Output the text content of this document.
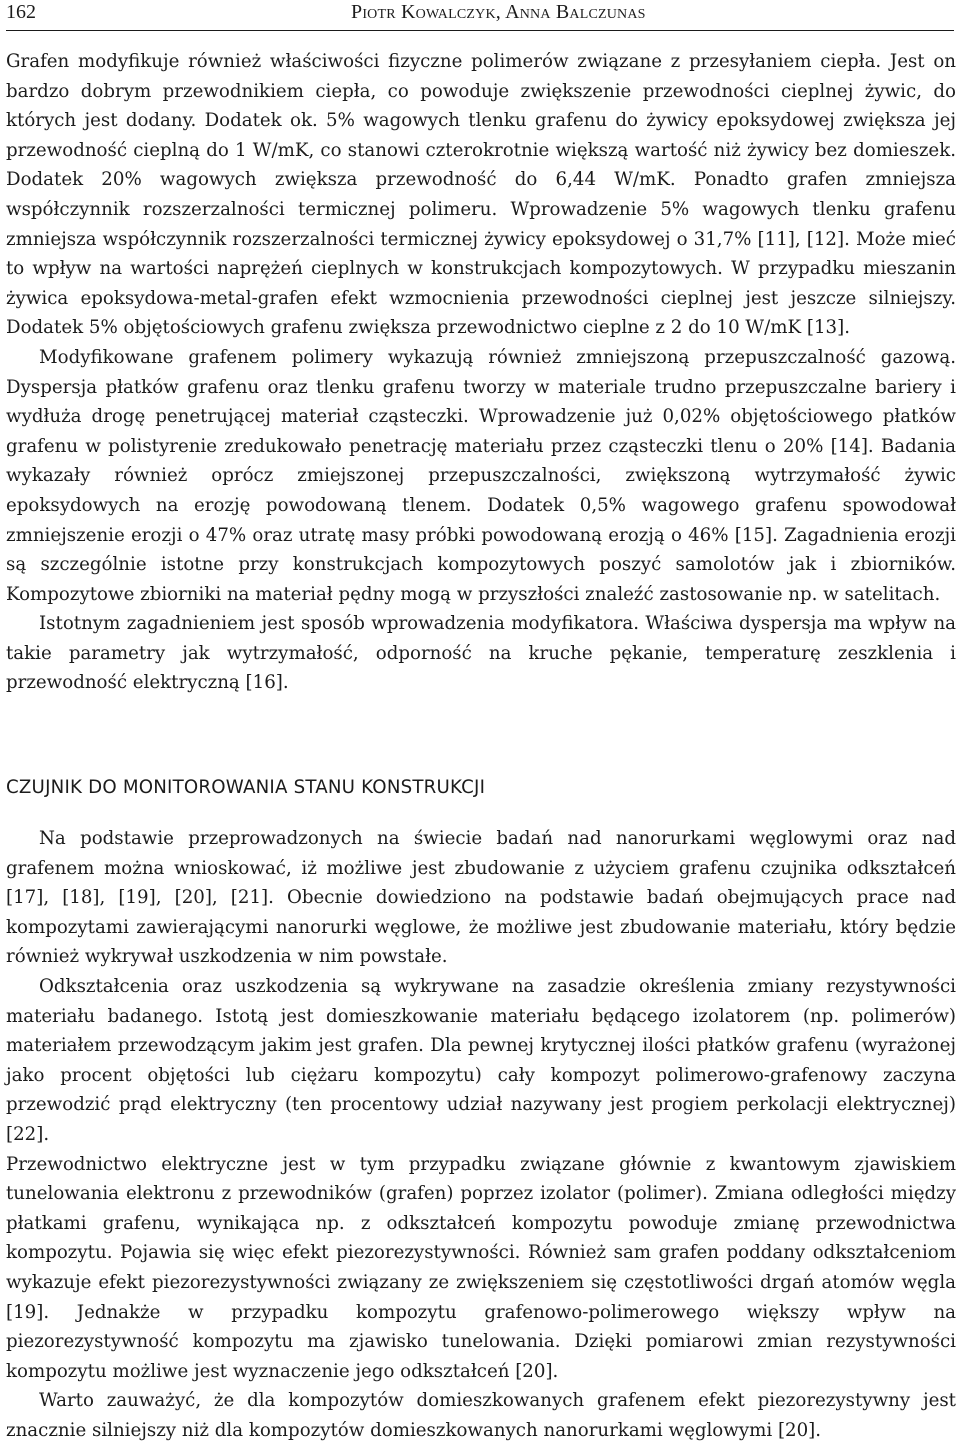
162	Piotr Kowalczyk, Anna Balczunas

Grafen modyfikuje również właściwości fizyczne polimerów związane z przesyłaniem ciepła. Jest on bardzo dobrym przewodnikiem ciepła, co powoduje zwiększenie przewodności cieplnej żywic, do których jest dodany. Dodatek ok. 5% wagowych tlenku grafenu do żywicy epoksydowej zwiększa jej przewodność cieplną do 1 W/mK, co stanowi czterokrotnie większą wartość niż żywicy bez domieszek. Dodatek 20% wagowych zwiększa przewodność do 6,44 W/mK. Ponadto grafen zmniejsza współczynnik rozszerzalności termicznej polimeru. Wprowadzenie 5% wagowych tlenku grafenu zmniejsza współczynnik rozszerzalności termicznej żywicy epoksydowej o 31,7% [11], [12]. Może mieć to wpływ na wartości naprężeń cieplnych w konstrukcjach kompozytowych. W przypadku mieszanin żywica epoksydowa-metal-grafen efekt wzmocnienia przewodności cieplnej jest jeszcze silniejszy. Dodatek 5% objętościowych grafenu zwiększa przewodnictwo cieplne z 2 do 10 W/mK [13].

Modyfikowane grafenem polimery wykazują również zmniejszoną przepuszczalność gazową. Dyspersja płatków grafenu oraz tlenku grafenu tworzy w materiale trudno przepuszczalne bariery i wydłuża drogę penetrującej materiał cząsteczki. Wprowadzenie już 0,02% objętościowego płatków grafenu w polistyrenie zredukowało penetrację materiału przez cząsteczki tlenu o 20% [14]. Badania wykazały również oprócz zmiejszonej przepuszczalności, zwiększoną wytrzymałość żywic epoksydowych na erozję powodowaną tlenem. Dodatek 0,5% wagowego grafenu spowodował zmniejszenie erozji o 47% oraz utratę masy próbki powodowaną erozją o 46% [15]. Zagadnienia erozji są szczególnie istotne przy konstrukcjach kompozytowych poszyć samolotów jak i zbiorników. Kompozytowe zbiorniki na materiał pędny mogą w przyszłości znaleźć zastosowanie np. w satelitach.

Istotnym zagadnieniem jest sposób wprowadzenia modyfikatora. Właściwa dyspersja ma wpływ na takie parametry jak wytrzymałość, odporność na kruche pękanie, temperaturę zeszklenia i przewodność elektryczną [16].

CZUJNIK DO MONITOROWANIA STANU KONSTRUKCJI

Na podstawie przeprowadzonych na świecie badań nad nanorurkami węglowymi oraz nad grafenem można wnioskować, iż możliwe jest zbudowanie z użyciem grafenu czujnika odkształceń [17], [18], [19], [20], [21]. Obecnie dowiedziono na podstawie badań obejmujących prace nad kompozytami zawierającymi nanorurki węglowe, że możliwe jest zbudowanie materiału, który będzie również wykrywał uszkodzenia w nim powstałe.

Odkształcenia oraz uszkodzenia są wykrywane na zasadzie określenia zmiany rezystywności materiału badanego. Istotą jest domieszkowanie materiału będącego izolatorem (np. polimerów) materiałem przewodzącym jakim jest grafen. Dla pewnej krytycznej ilości płatków grafenu (wyrażonej jako procent objętości lub ciężaru kompozytu) cały kompozyt polimerowo-grafenowy zaczyna przewodzić prąd elektryczny (ten procentowy udział nazywany jest progiem perkolacji elektrycznej) [22].

Przewodnictwo elektryczne jest w tym przypadku związane głównie z kwantowym zjawiskiem tunelowania elektronu z przewodników (grafen) poprzez izolator (polimer). Zmiana odległości między płatkami grafenu, wynikająca np. z odkształceń kompozytu powoduje zmianę przewodnictwa kompozytu. Pojawia się więc efekt piezorezystywności. Również sam grafen poddany odkształceniom wykazuje efekt piezorezystywności związany ze zwiększeniem się częstotliwości drgań atomów węgla [19]. Jednakże w przypadku kompozytu grafenowo-polimerowego większy wpływ na piezorezystywność kompozytu ma zjawisko tunelowania. Dzięki pomiarowi zmian rezystywności kompozytu możliwe jest wyznaczenie jego odkształceń [20].

Warto zauważyć, że dla kompozytów domieszkowanych grafenem efekt piezorezystywny jest znacznie silniejszy niż dla kompozytów domieszkowanych nanorurkami węglowymi [20].
